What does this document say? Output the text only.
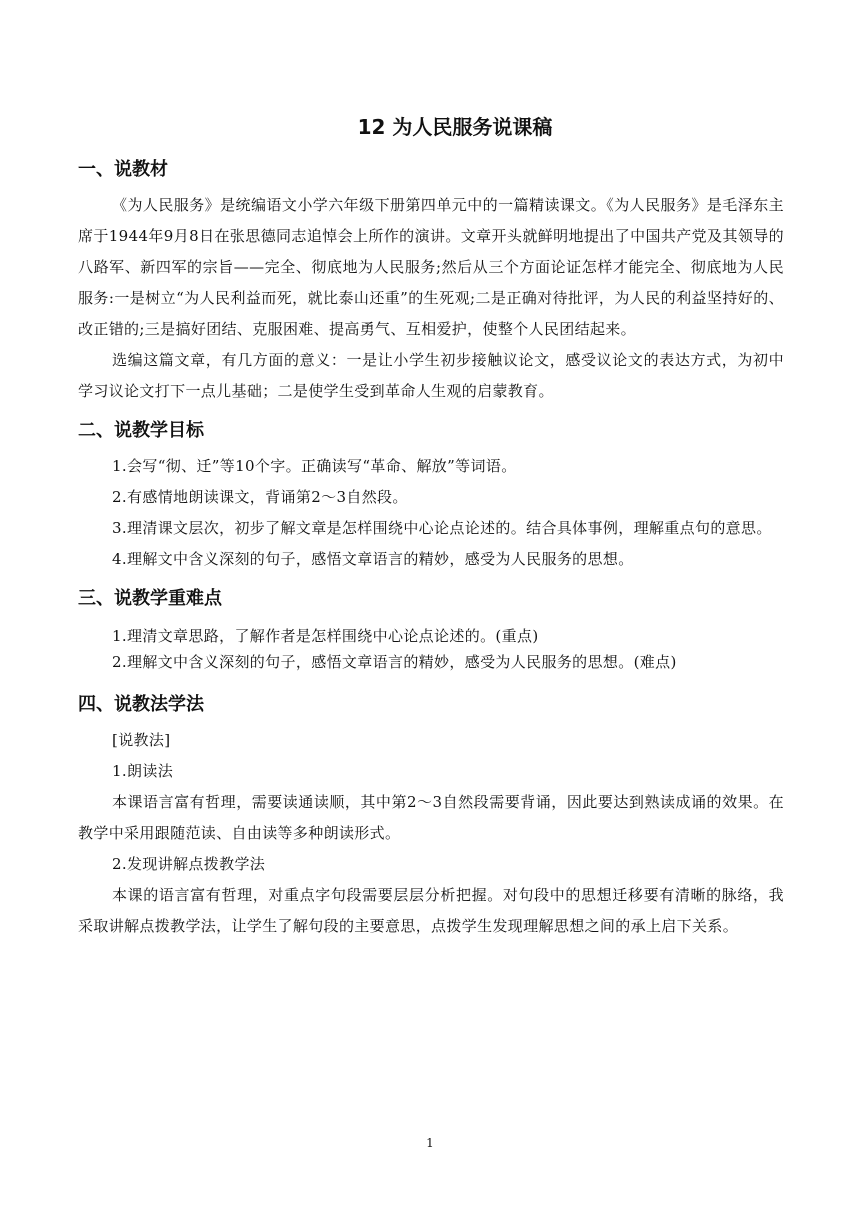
12 为人民服务说课稿
一、说教材

《为人民服务》是统编语文小学六年级下册第四单元中的一篇精读课文。《为人民服务》是毛泽东主席于1944年9月8日在张思德同志追悼会上所作的演讲。文章开头就鲜明地提出了中国共产党及其领导的八路军、新四军的宗旨——完全、彻底地为人民服务;然后从三个方面论证怎样才能完全、彻底地为人民服务:一是树立“为人民利益而死，就比泰山还重”的生死观;二是正确对待批评，为人民的利益坚持好的、改正错的;三是搞好团结、克服困难、提高勇气、互相爱护，使整个人民团结起来。

选编这篇文章，有几方面的意义：一是让小学生初步接触议论文，感受议论文的表达方式，为初中学习议论文打下一点儿基础；二是使学生受到革命人生观的启蒙教育。

二、说教学目标

1.会写“彻、迁”等10个字。正确读写“革命、解放”等词语。

2.有感情地朗读课文，背诵第2～3自然段。

3.理清课文层次，初步了解文章是怎样围绕中心论点论述的。结合具体事例，理解重点句的意思。

4.理解文中含义深刻的句子，感悟文章语言的精妙，感受为人民服务的思想。

三、说教学重难点

1.理清文章思路，了解作者是怎样围绕中心论点论述的。(重点)

2.理解文中含义深刻的句子，感悟文章语言的精妙，感受为人民服务的思想。(难点)

四、说教法学法

[说教法]

1.朗读法

本课语言富有哲理，需要读通读顺，其中第2～3自然段需要背诵，因此要达到熟读成诵的效果。在教学中采用跟随范读、自由读等多种朗读形式。

2.发现讲解点拨教学法

本课的语言富有哲理，对重点字句段需要层层分析把握。对句段中的思想迁移要有清晰的脉络，我采取讲解点拨教学法，让学生了解句段的主要意思，点拨学生发现理解思想之间的承上启下关系。

1
